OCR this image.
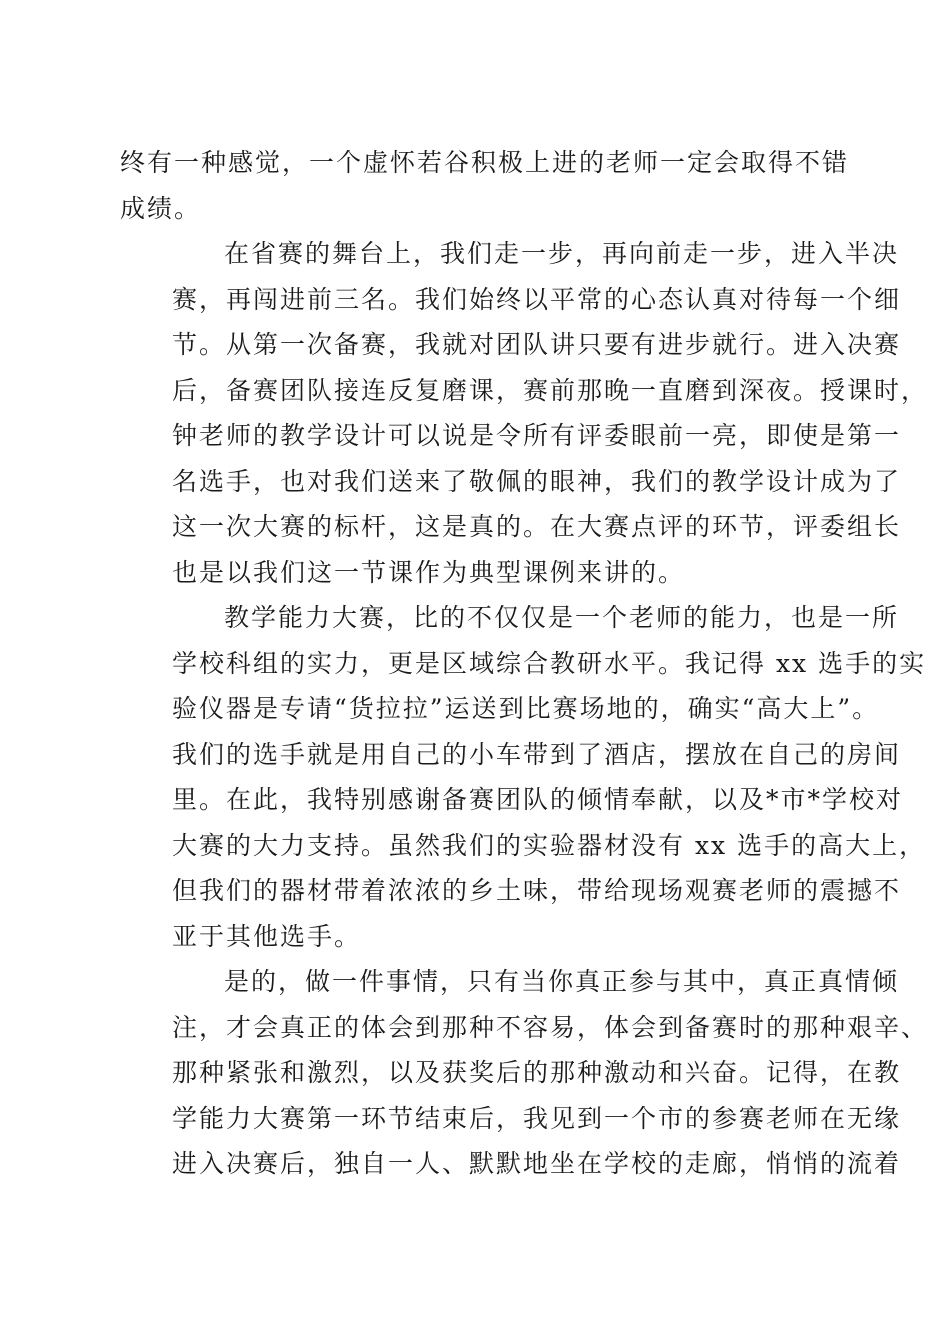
终有一种感觉，一个虚怀若谷积极上进的老师一定会取得不错
成绩。
在省赛的舞台上，我们走一步，再向前走一步，进入半决
赛，再闯进前三名。我们始终以平常的心态认真对待每一个细
节。从第一次备赛，我就对团队讲只要有进步就行。进入决赛
后，备赛团队接连反复磨课，赛前那晚一直磨到深夜。授课时，
钟老师的教学设计可以说是令所有评委眼前一亮，即使是第一
名选手，也对我们送来了敬佩的眼神，我们的教学设计成为了
这一次大赛的标杆，这是真的。在大赛点评的环节，评委组长
也是以我们这一节课作为典型课例来讲的。
教学能力大赛，比的不仅仅是一个老师的能力，也是一所
学校科组的实力，更是区域综合教研水平。我记得 xx 选手的实
验仪器是专请“货拉拉”运送到比赛场地的，确实“高大上”。
我们的选手就是用自己的小车带到了酒店，摆放在自己的房间
里。在此，我特别感谢备赛团队的倾情奉献，以及*市*学校对
大赛的大力支持。虽然我们的实验器材没有 xx 选手的高大上，
但我们的器材带着浓浓的乡土味，带给现场观赛老师的震撼不
亚于其他选手。
是的，做一件事情，只有当你真正参与其中，真正真情倾
注，才会真正的体会到那种不容易，体会到备赛时的那种艰辛、
那种紧张和激烈，以及获奖后的那种激动和兴奋。记得，在教
学能力大赛第一环节结束后，我见到一个市的参赛老师在无缘
进入决赛后，独自一人、默默地坐在学校的走廊，悄悄的流着
